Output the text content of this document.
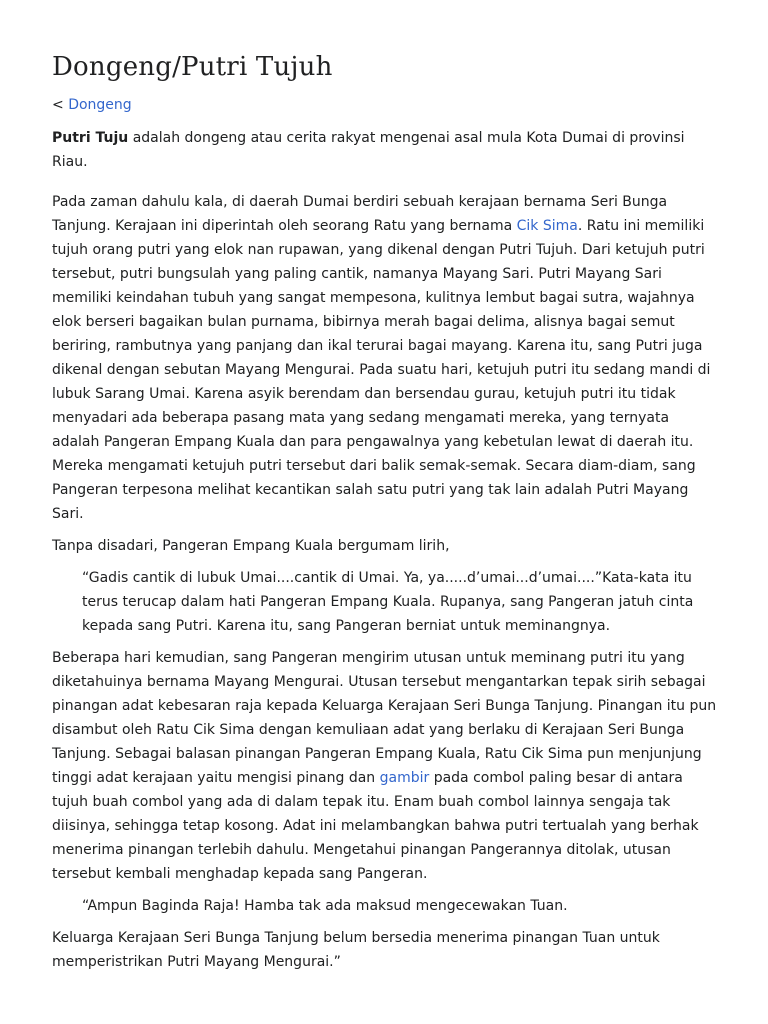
Dongeng/Putri Tujuh
< Dongeng

Putri Tuju adalah dongeng atau cerita rakyat mengenai asal mula Kota Dumai di provinsi Riau.

Pada zaman dahulu kala, di daerah Dumai berdiri sebuah kerajaan bernama Seri Bunga Tanjung. Kerajaan ini diperintah oleh seorang Ratu yang bernama Cik Sima. Ratu ini memiliki tujuh orang putri yang elok nan rupawan, yang dikenal dengan Putri Tujuh. Dari ketujuh putri tersebut, putri bungsulah yang paling cantik, namanya Mayang Sari. Putri Mayang Sari memiliki keindahan tubuh yang sangat mempesona, kulitnya lembut bagai sutra, wajahnya elok berseri bagaikan bulan purnama, bibirnya merah bagai delima, alisnya bagai semut beriring, rambutnya yang panjang dan ikal terurai bagai mayang. Karena itu, sang Putri juga dikenal dengan sebutan Mayang Mengurai. Pada suatu hari, ketujuh putri itu sedang mandi di lubuk Sarang Umai. Karena asyik berendam dan bersendau gurau, ketujuh putri itu tidak menyadari ada beberapa pasang mata yang sedang mengamati mereka, yang ternyata adalah Pangeran Empang Kuala dan para pengawalnya yang kebetulan lewat di daerah itu. Mereka mengamati ketujuh putri tersebut dari balik semak-semak. Secara diam-diam, sang Pangeran terpesona melihat kecantikan salah satu putri yang tak lain adalah Putri Mayang Sari.

Tanpa disadari, Pangeran Empang Kuala bergumam lirih,

“Gadis cantik di lubuk Umai....cantik di Umai. Ya, ya.....d’umai...d’umai....”Kata-kata itu terus terucap dalam hati Pangeran Empang Kuala. Rupanya, sang Pangeran jatuh cinta kepada sang Putri. Karena itu, sang Pangeran berniat untuk meminangnya.

Beberapa hari kemudian, sang Pangeran mengirim utusan untuk meminang putri itu yang diketahuinya bernama Mayang Mengurai. Utusan tersebut mengantarkan tepak sirih sebagai pinangan adat kebesaran raja kepada Keluarga Kerajaan Seri Bunga Tanjung. Pinangan itu pun disambut oleh Ratu Cik Sima dengan kemuliaan adat yang berlaku di Kerajaan Seri Bunga Tanjung. Sebagai balasan pinangan Pangeran Empang Kuala, Ratu Cik Sima pun menjunjung tinggi adat kerajaan yaitu mengisi pinang dan gambir pada combol paling besar di antara tujuh buah combol yang ada di dalam tepak itu. Enam buah combol lainnya sengaja tak diisinya, sehingga tetap kosong. Adat ini melambangkan bahwa putri tertualah yang berhak menerima pinangan terlebih dahulu. Mengetahui pinangan Pangerannya ditolak, utusan tersebut kembali menghadap kepada sang Pangeran.

“Ampun Baginda Raja! Hamba tak ada maksud mengecewakan Tuan.

Keluarga Kerajaan Seri Bunga Tanjung belum bersedia menerima pinangan Tuan untuk memperistrikan Putri Mayang Mengurai.”
